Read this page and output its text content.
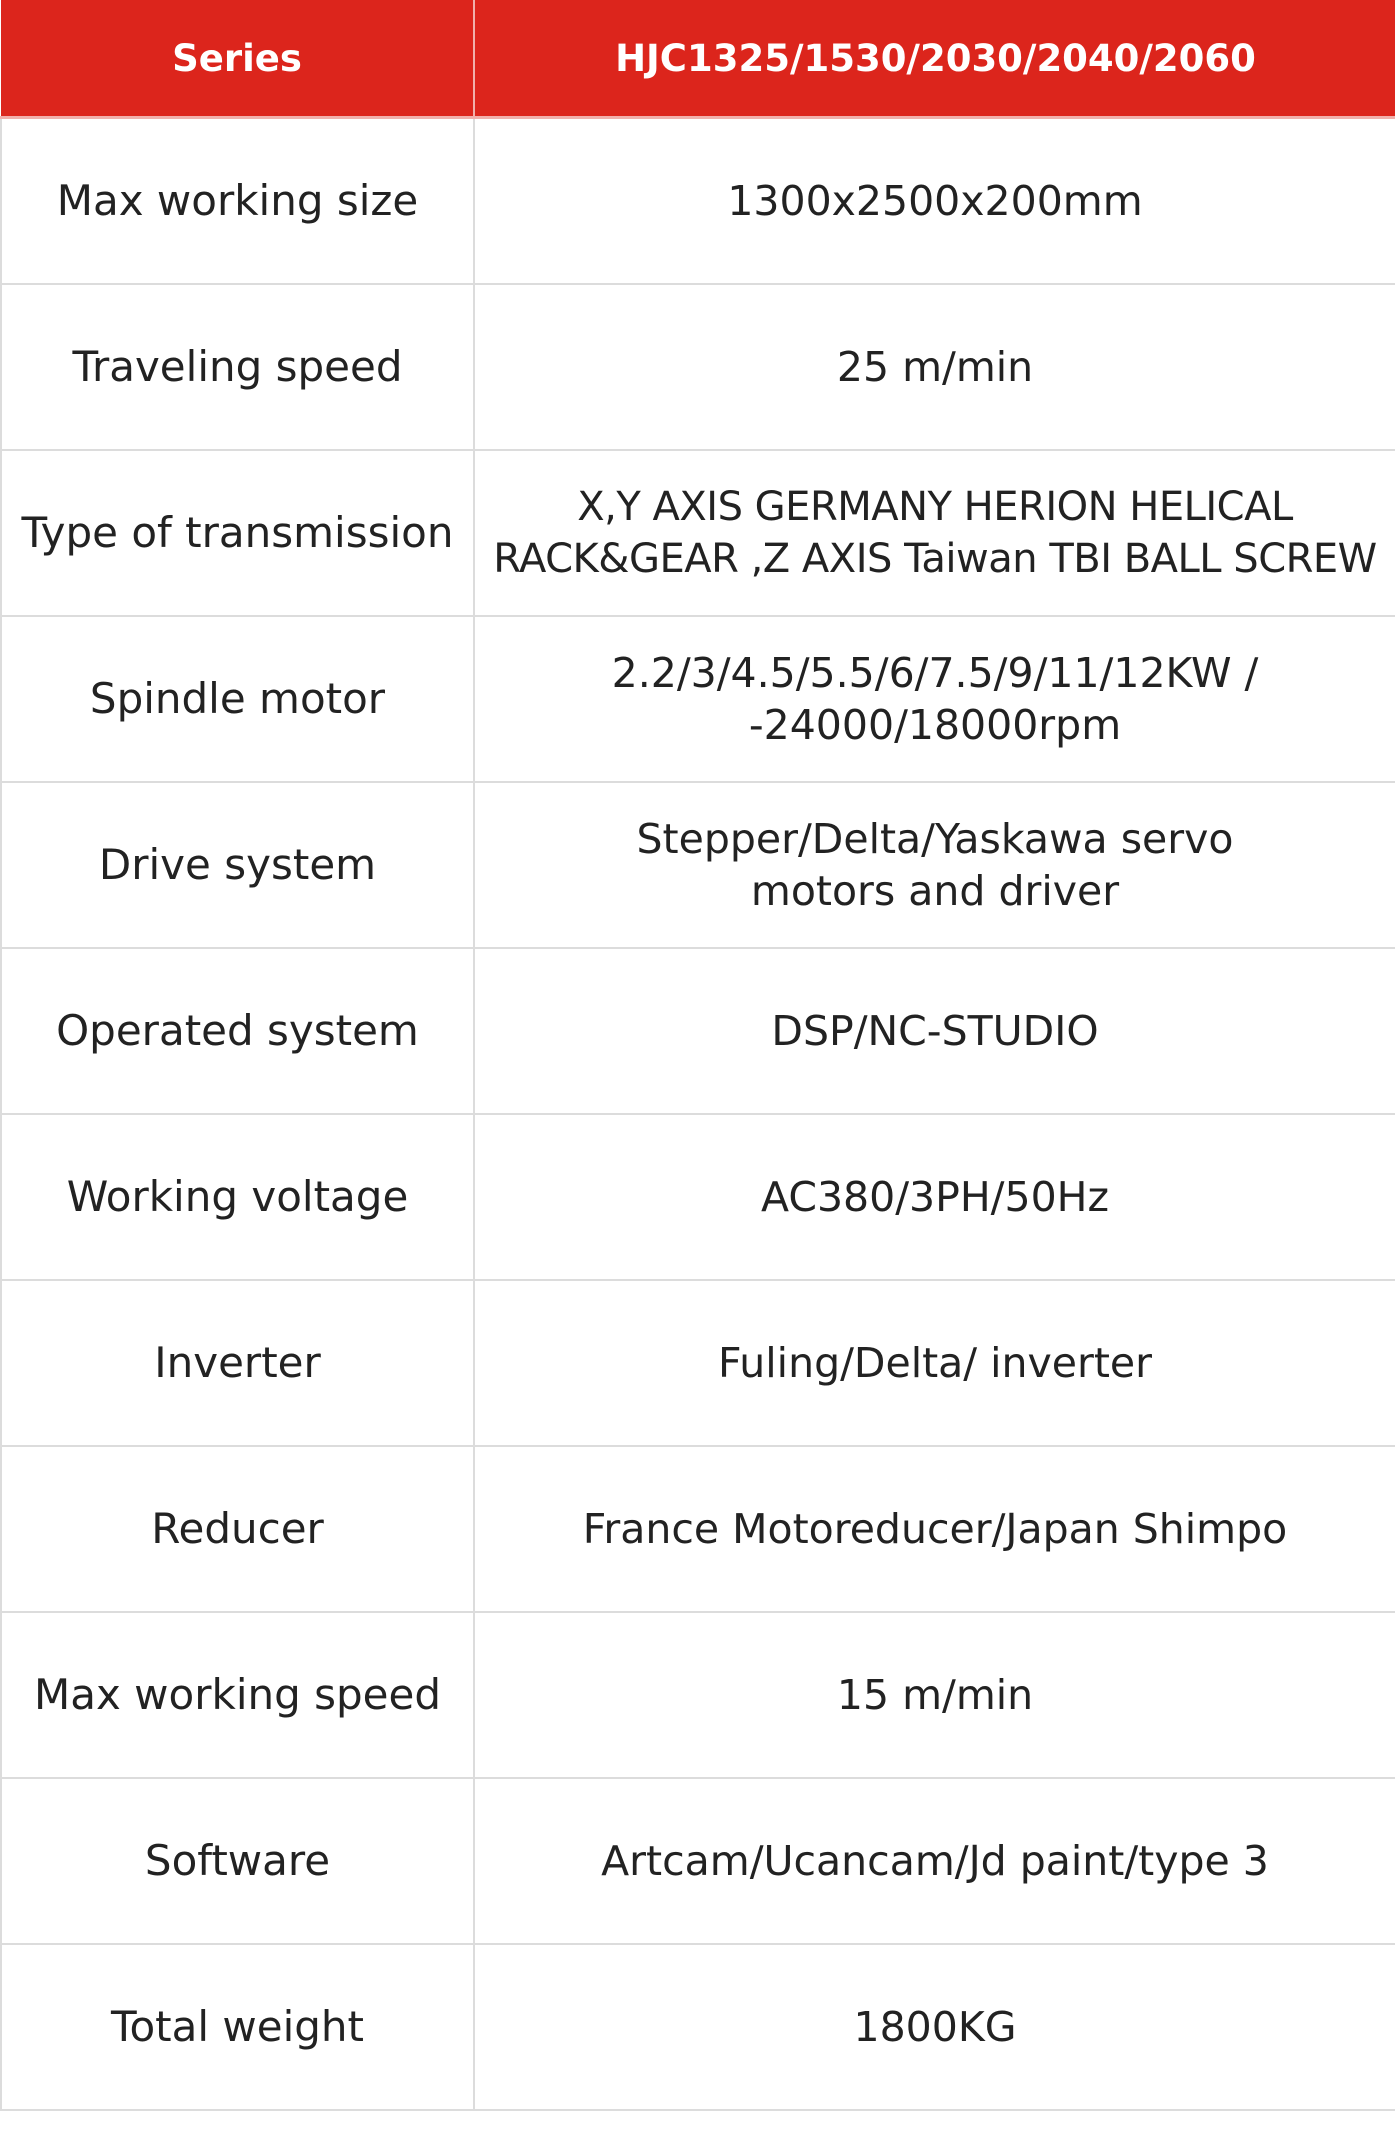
Series	HJC1325/1530/2030/2040/2060
Max working size	1300x2500x200mm

Traveling speed	25 m/min

Type of transmission	X,Y AXIS GERMANY HERION HELICAL
RACK&GEAR ,Z AXIS Taiwan TBI BALL SCREW

Spindle motor	2.2/3/4.5/5.5/6/7.5/9/11/12KW /
-24000/18000rpm

Drive system	Stepper/Delta/Yaskawa servo
motors and driver

Operated system	DSP/NC-STUDIO

Working voltage	AC380/3PH/50Hz

Inverter	Fuling/Delta/ inverter

Reducer	France Motoreducer/Japan Shimpo

Max working speed	15 m/min

Software	Artcam/Ucancam/Jd paint/type 3

Total weight	1800KG
